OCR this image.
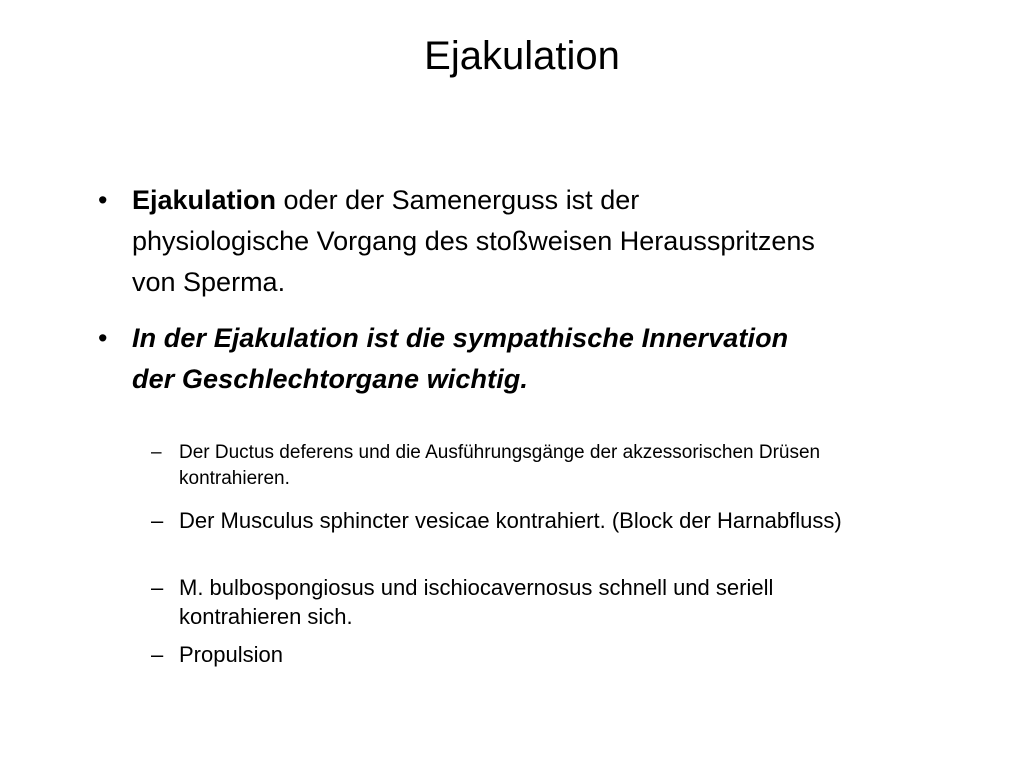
Ejakulation
• Ejakulation oder der Samenerguss ist der physiologische Vorgang des stoßweisen Herausspritzens von Sperma.
• In der Ejakulation ist die sympathische Innervation der Geschlechtorgane wichtig.
– Der Ductus deferens und die Ausführungsgänge der akzessorischen Drüsen kontrahieren.
– Der Musculus sphincter vesicae kontrahiert. (Block der Harnabfluss)
– M. bulbospongiosus und ischiocavernosus schnell und seriell kontrahieren sich.
– Propulsion
